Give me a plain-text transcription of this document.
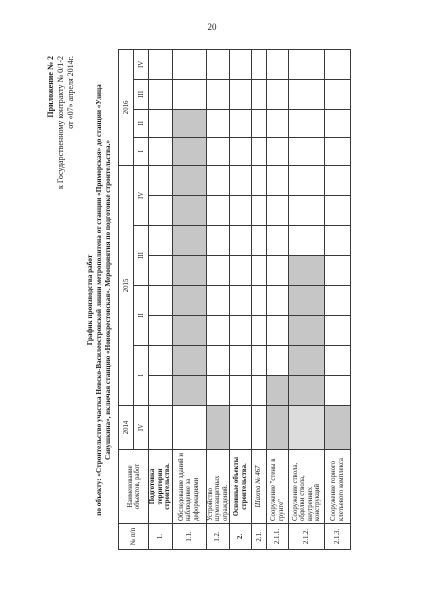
20
Приложение № 2 к Государственному контракту № 0/1-2 от «07» апреля 2014г.
График производства работ по объекту: «Строительство участка Невско-Василеостровской линии метрополитена от станции «Приморская» до станции «Улица Савушкина», включая станцию «Новокрестовская». Мероприятия по подготовке строительства.»
№ п/п	Наименование объектов, работ	2014	2015								2016			
		IV	I		II		III		IV		I	II	III	IV
1.	Подготовка территории строительства.													
1.1.	Обследование зданий и наблюдение за деформациями													
1.2.	Устройство шумозащитных ограждений.													
2.	Основные объекты строительства.													
2.1.	Шахта № 467													
2.1.1.	Сооружение "стены в грунте"													
2.1.2.	Сооружение ствола, обделки ствола, внутренних конструкций													
2.1.3.	Сооружение горного клетьевого комплекса													
